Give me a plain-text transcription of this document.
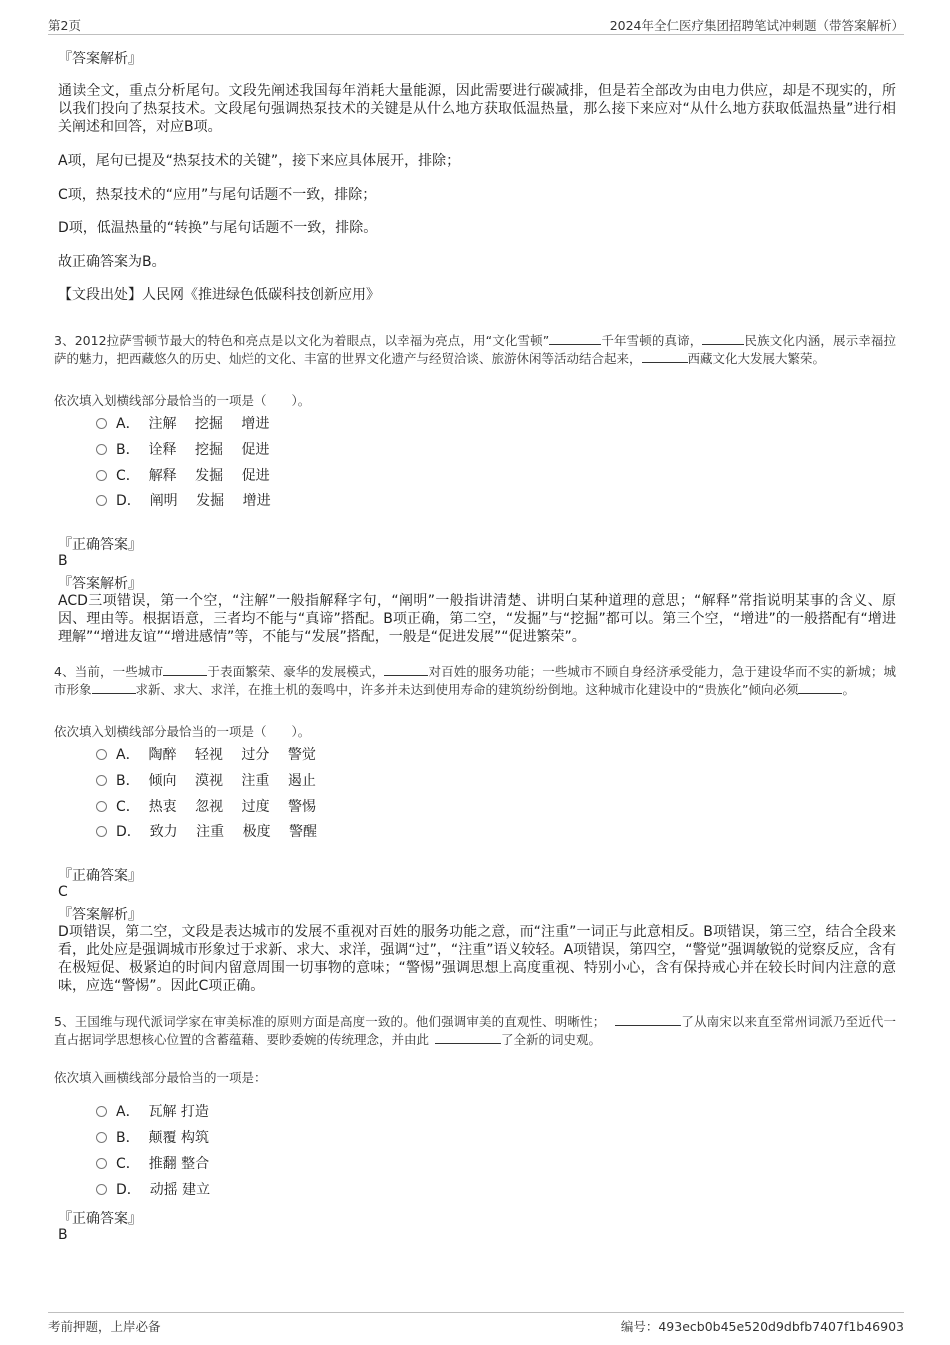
第2页	2024年全仁医疗集团招聘笔试冲刺题（带答案解析）
『答案解析』
通读全文，重点分析尾句。文段先阐述我国每年消耗大量能源，因此需要进行碳减排，但是若全部改为由电力供应，却是不现实的，所以我们投向了热泵技术。文段尾句强调热泵技术的关键是从什么地方获取低温热量，那么接下来应对“从什么地方获取低温热量”进行相关阐述和回答，对应B项。
A项，尾句已提及“热泵技术的关键”，接下来应具体展开，排除；
C项，热泵技术的“应用”与尾句话题不一致，排除；
D项，低温热量的“转换”与尾句话题不一致，排除。
故正确答案为B。
【文段出处】人民网《推进绿色低碳科技创新应用》
3、2012拉萨雪顿节最大的特色和亮点是以文化为着眼点，以幸福为亮点，用“文化雪顿”	千年雪顿的真谛，	民族文化内涵，展示幸福拉萨的魅力，把西藏悠久的历史、灿烂的文化、丰富的世界文化遗产与经贸洽谈、旅游休闲等活动结合起来，	西藏文化大发展大繁荣。
依次填入划横线部分最恰当的一项是（　　）。
A． 注解　 挖掘　 增进
B． 诠释　 挖掘　 促进
C． 解释　 发掘　 促进
D． 阐明　 发掘　 增进
『正确答案』
B
『答案解析』
ACD三项错误，第一个空，“注解”一般指解释字句，“阐明”一般指讲清楚、讲明白某种道理的意思；“解释”常指说明某事的含义、原因、理由等。根据语意，三者均不能与“真谛”搭配。B项正确，第二空，“发掘”与“挖掘”都可以。第三个空，“增进”的一般搭配有“增进理解”“增进友谊”“增进感情”等，不能与“发展”搭配，一般是“促进发展”“促进繁荣”。
4、当前，一些城市	于表面繁荣、豪华的发展模式，	对百姓的服务功能；一些城市不顾自身经济承受能力，急于建设华而不实的新城；城市形象	求新、求大、求洋，在推土机的轰鸣中，许多并未达到使用寿命的建筑纷纷倒地。这种城市化建设中的“贵族化”倾向必须	。
依次填入划横线部分最恰当的一项是（　　）。
A． 陶醉　 轻视　 过分　 警觉
B． 倾向　 漠视　 注重　 遏止
C． 热衷　 忽视　 过度　 警惕
D． 致力　 注重　 极度　 警醒
『正确答案』
C
『答案解析』
D项错误，第二空，文段是表达城市的发展不重视对百姓的服务功能之意，而“注重”一词正与此意相反。B项错误，第三空，结合全段来看，此处应是强调城市形象过于求新、求大、求洋，强调“过”，“注重”语义较轻。A项错误，第四空，“警觉”强调敏锐的觉察反应，含有在极短促、极紧迫的时间内留意周围一切事物的意味；“警惕”强调思想上高度重视、特别小心，含有保持戒心并在较长时间内注意的意味，应选“警惕”。因此C项正确。
5、王国维与现代派词学家在审美标准的原则方面是高度一致的。他们强调审美的直观性、明晰性；	了从南宋以来直至常州词派乃至近代一直占据词学思想核心位置的含蓄蕴藉、要眇委婉的传统理念，并由此	了全新的词史观。
依次填入画横线部分最恰当的一项是：
A． 瓦解 打造
B． 颠覆 构筑
C． 推翻 整合
D． 动摇 建立
『正确答案』
B
考前押题，上岸必备	编号：493ecb0b45e520d9dbfb7407f1b46903
